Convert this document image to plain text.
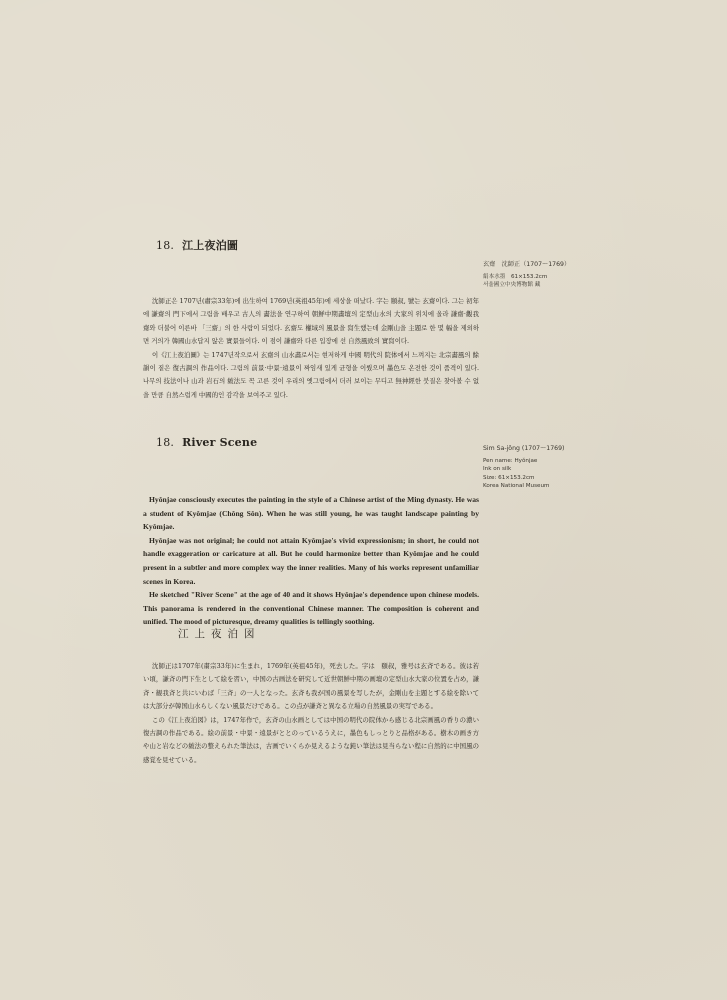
18. 江上夜泊圖
玄齋　沈師正（1707～1769）
絹本水墨　61×153.2cm
서울國立中央博物館 藏

沈師正은 1707년(肅宗33年)에 出生하여 1769년(英祖45年)에 세상을 떠났다. 字는 頤叔, 號는 玄齋이다. 그는 初年에 謙齋의 門下에서 그림을 배우고 古人의 畵法을 연구하여 朝鮮中期畵壇의 定型山水의 大家의 위치에 올라 謙齋·觀我齋와 더불어 이른바 「三齋」의 한 사람이 되었다. 玄齋도 權域의 風景을 寫生했는데 金剛山을 主題로 한 몇 幅을 제외하면 거의가 韓國山水답지 않은 實景들이다. 이 점이 謙齋와 다른 입장에 선 自然風致의 實寫이다.

이《江上夜泊圖》는 1747년작으로서 玄齋의 山水畵로서는 현저하게 中國 明代의 院体에서 느껴지는 北宗畵風의 餘韻이 짙은 復古調의 作品이다. 그림의 前景·中景·遠景이 짜임새 있게 균형을 이뤘으며 墨色도 온전한 것이 품격이 있다. 나무의 技法이나 山과 岩石의 皴法도 꼭 고른 것이 우리의 옛그림에서 더러 보이는 무디고 無神經한 붓질은 찾아볼 수 없을 만큼 自然스럽게 中國的인 감각을 보여주고 있다.

18. River Scene	Sim Sa-jŏng (1707～1769)
Pen name: Hyŏnjae
Ink on silk
Size: 61×153.2cm
Korea National Museum

Hyŏnjae consciously executes the painting in the style of a Chinese artist of the Ming dynasty. He was a student of Kyŏmjae (Chŏng Sŏn). When he was still young, he was taught landscape painting by Kyŏmjae.

Hyŏnjae was not original; he could not attain Kyŏmjae's vivid expressionism; in short, he could not handle exaggeration or caricature at all. But he could harmonize better than Kyŏmjae and he could present in a subtler and more complex way the inner realities. Many of his works represent unfamiliar scenes in Korea.

He sketched "River Scene" at the age of 40 and it shows Hyŏnjae's dependence upon chinese models. This panorama is rendered in the conventional Chinese manner. The composition is coherent and unified. The mood of picturesque, dreamy qualities is tellingly soothing.

江上夜泊図

沈師正は1707年(粛宗33年)に生まれ，1769年(英祖45年)，死去した。字は　頤叔，雅号は玄斉である。彼は若い頃，謙斉の門下生として絵を習い，中国の古画法を研究して近世朝鮮中期の画壇の定型山水大家の位置を占め，謙斉・観我斉と共にいわば「三斉」の一人となった。玄斉も我が国の風景を写したが，金剛山を主題とする絵を除いては大部分が韓国山水らしくない風景だけである。この点が謙斉と異なる立場の自然風景の実写である。

この《江上夜泊図》は，1747年作で，玄斉の山水画としては中国の明代の院体から感じる北宗画風の香りの濃い復古調の作品である。絵の前景・中景・遠景がととのっているうえに，墨色もしっとりと品格がある。樹木の画き方や山と岩などの皴法の整えられた筆法は，古画でいくらか見えるような鈍い筆法は見当らない程に自然的に中国風の感覚を見せている。
